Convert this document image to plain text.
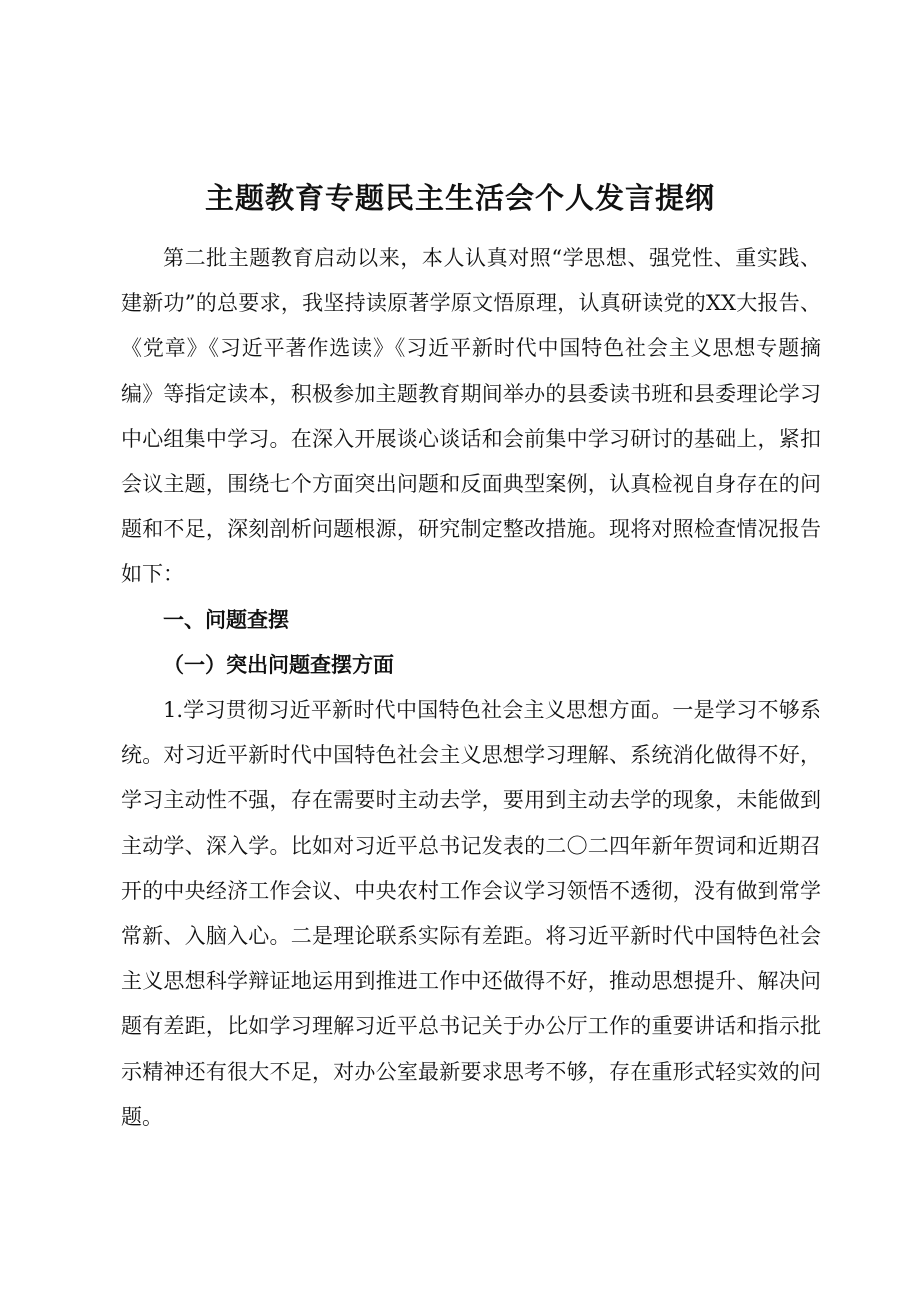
主题教育专题民主生活会个人发言提纲

第二批主题教育启动以来，本人认真对照“学思想、强党性、重实践、建新功”的总要求，我坚持读原著学原文悟原理，认真研读党的XX大报告、《党章》《习近平著作选读》《习近平新时代中国特色社会主义思想专题摘编》等指定读本，积极参加主题教育期间举办的县委读书班和县委理论学习中心组集中学习。在深入开展谈心谈话和会前集中学习研讨的基础上，紧扣会议主题，围绕七个方面突出问题和反面典型案例，认真检视自身存在的问题和不足，深刻剖析问题根源，研究制定整改措施。现将对照检查情况报告如下：

一、问题查摆

（一）突出问题查摆方面

1.学习贯彻习近平新时代中国特色社会主义思想方面。一是学习不够系统。对习近平新时代中国特色社会主义思想学习理解、系统消化做得不好，学习主动性不强，存在需要时主动去学，要用到主动去学的现象，未能做到主动学、深入学。比如对习近平总书记发表的二〇二四年新年贺词和近期召开的中央经济工作会议、中央农村工作会议学习领悟不透彻，没有做到常学常新、入脑入心。二是理论联系实际有差距。将习近平新时代中国特色社会主义思想科学辩证地运用到推进工作中还做得不好，推动思想提升、解决问题有差距，比如学习理解习近平总书记关于办公厅工作的重要讲话和指示批示精神还有很大不足，对办公室最新要求思考不够，存在重形式轻实效的问题。
